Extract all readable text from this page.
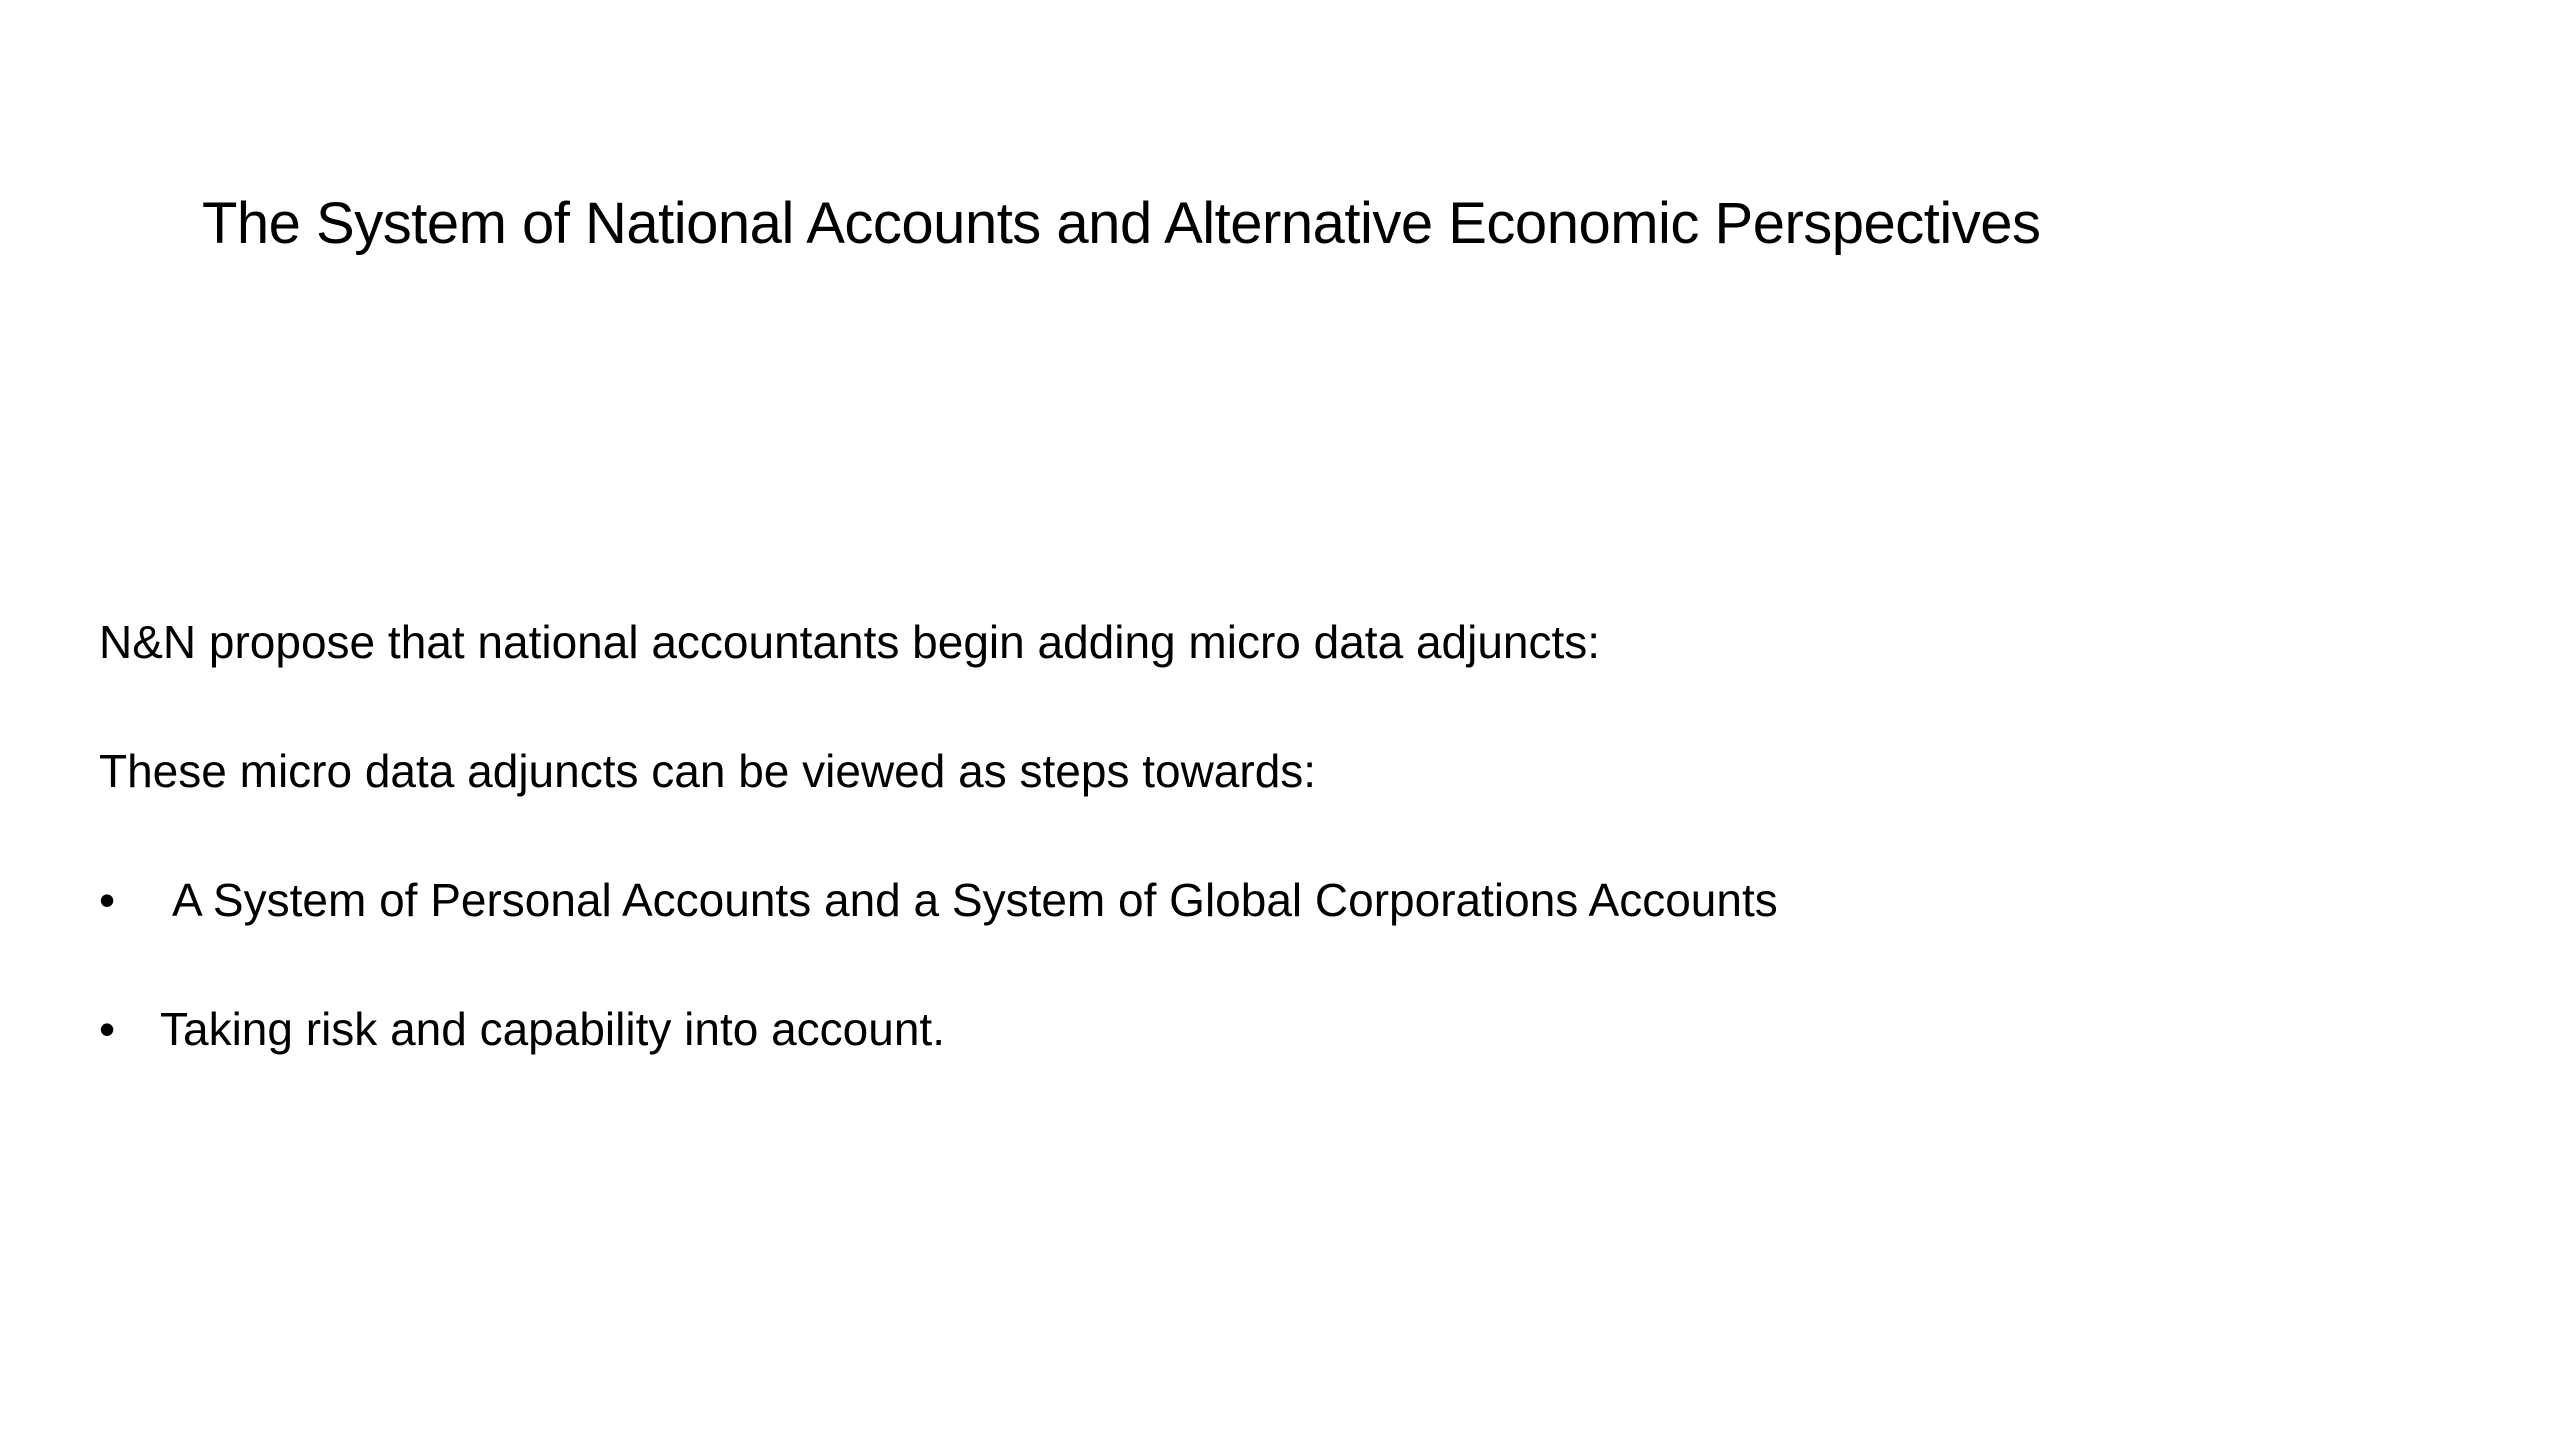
The System of National Accounts and Alternative Economic Perspectives

N&N propose that national accountants begin adding micro data adjuncts:

These micro data adjuncts can be viewed as steps towards:

•	A System of Personal Accounts and a System of Global Corporations Accounts
• Taking risk and capability into account.
